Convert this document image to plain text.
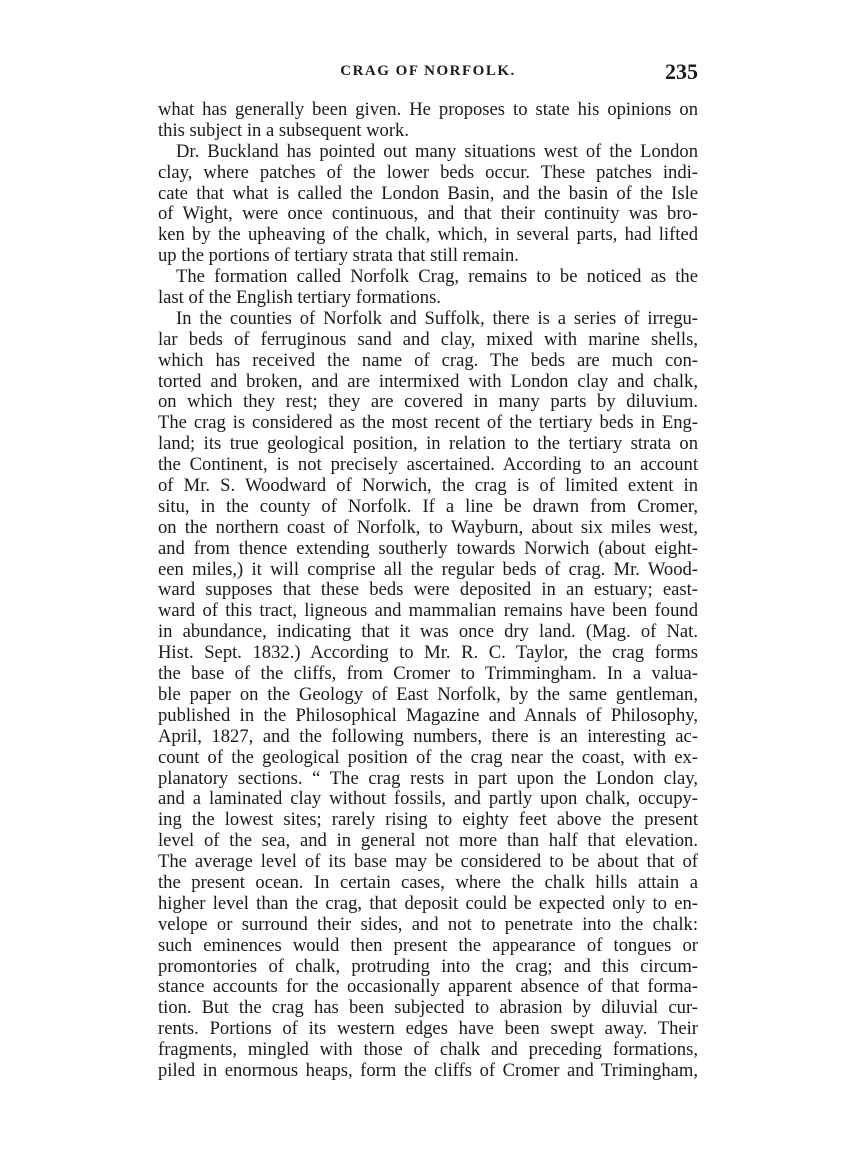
CRAG OF NORFOLK.	235
what has generally been given. He proposes to state his opinions on
this subject in a subsequent work.
Dr. Buckland has pointed out many situations west of the London
clay, where patches of the lower beds occur. These patches indi-
cate that what is called the London Basin, and the basin of the Isle
of Wight, were once continuous, and that their continuity was bro-
ken by the upheaving of the chalk, which, in several parts, had lifted
up the portions of tertiary strata that still remain.
The formation called Norfolk Crag, remains to be noticed as the
last of the English tertiary formations.
In the counties of Norfolk and Suffolk, there is a series of irregu-
lar beds of ferruginous sand and clay, mixed with marine shells,
which has received the name of crag. The beds are much con-
torted and broken, and are intermixed with London clay and chalk,
on which they rest; they are covered in many parts by diluvium.
The crag is considered as the most recent of the tertiary beds in Eng-
land; its true geological position, in relation to the tertiary strata on
the Continent, is not precisely ascertained. According to an account
of Mr. S. Woodward of Norwich, the crag is of limited extent in
situ, in the county of Norfolk. If a line be drawn from Cromer,
on the northern coast of Norfolk, to Wayburn, about six miles west,
and from thence extending southerly towards Norwich (about eight-
een miles,) it will comprise all the regular beds of crag. Mr. Wood-
ward supposes that these beds were deposited in an estuary; east-
ward of this tract, ligneous and mammalian remains have been found
in abundance, indicating that it was once dry land. (Mag. of Nat.
Hist. Sept. 1832.) According to Mr. R. C. Taylor, the crag forms
the base of the cliffs, from Cromer to Trimmingham. In a valua-
ble paper on the Geology of East Norfolk, by the same gentleman,
published in the Philosophical Magazine and Annals of Philosophy,
April, 1827, and the following numbers, there is an interesting ac-
count of the geological position of the crag near the coast, with ex-
planatory sections. “ The crag rests in part upon the London clay,
and a laminated clay without fossils, and partly upon chalk, occupy-
ing the lowest sites; rarely rising to eighty feet above the present
level of the sea, and in general not more than half that elevation.
The average level of its base may be considered to be about that of
the present ocean. In certain cases, where the chalk hills attain a
higher level than the crag, that deposit could be expected only to en-
velope or surround their sides, and not to penetrate into the chalk:
such eminences would then present the appearance of tongues or
promontories of chalk, protruding into the crag; and this circum-
stance accounts for the occasionally apparent absence of that forma-
tion. But the crag has been subjected to abrasion by diluvial cur-
rents. Portions of its western edges have been swept away. Their
fragments, mingled with those of chalk and preceding formations,
piled in enormous heaps, form the cliffs of Cromer and Trimingham,
